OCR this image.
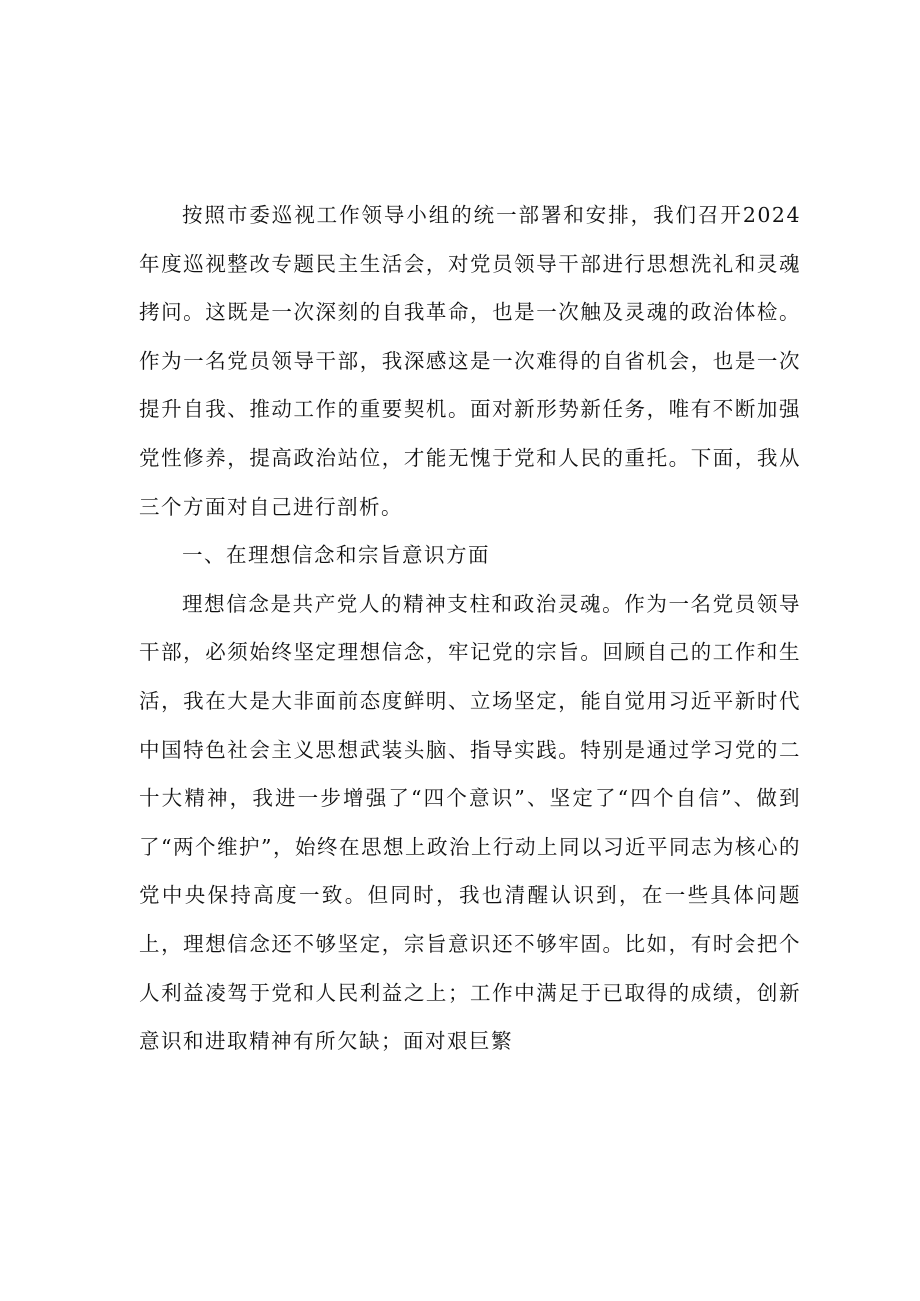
按照市委巡视工作领导小组的统一部署和安排，我们召开2024年度巡视整改专题民主生活会，对党员领导干部进行思想洗礼和灵魂拷问。这既是一次深刻的自我革命，也是一次触及灵魂的政治体检。作为一名党员领导干部，我深感这是一次难得的自省机会，也是一次提升自我、推动工作的重要契机。面对新形势新任务，唯有不断加强党性修养，提高政治站位，才能无愧于党和人民的重托。下面，我从三个方面对自己进行剖析。

一、在理想信念和宗旨意识方面

理想信念是共产党人的精神支柱和政治灵魂。作为一名党员领导干部，必须始终坚定理想信念，牢记党的宗旨。回顾自己的工作和生活，我在大是大非面前态度鲜明、立场坚定，能自觉用习近平新时代中国特色社会主义思想武装头脑、指导实践。特别是通过学习党的二十大精神，我进一步增强了“四个意识”、坚定了“四个自信”、做到了“两个维护”，始终在思想上政治上行动上同以习近平同志为核心的党中央保持高度一致。但同时，我也清醒认识到，在一些具体问题上，理想信念还不够坚定，宗旨意识还不够牢固。比如，有时会把个人利益凌驾于党和人民利益之上；工作中满足于已取得的成绩，创新意识和进取精神有所欠缺；面对艰巨繁
